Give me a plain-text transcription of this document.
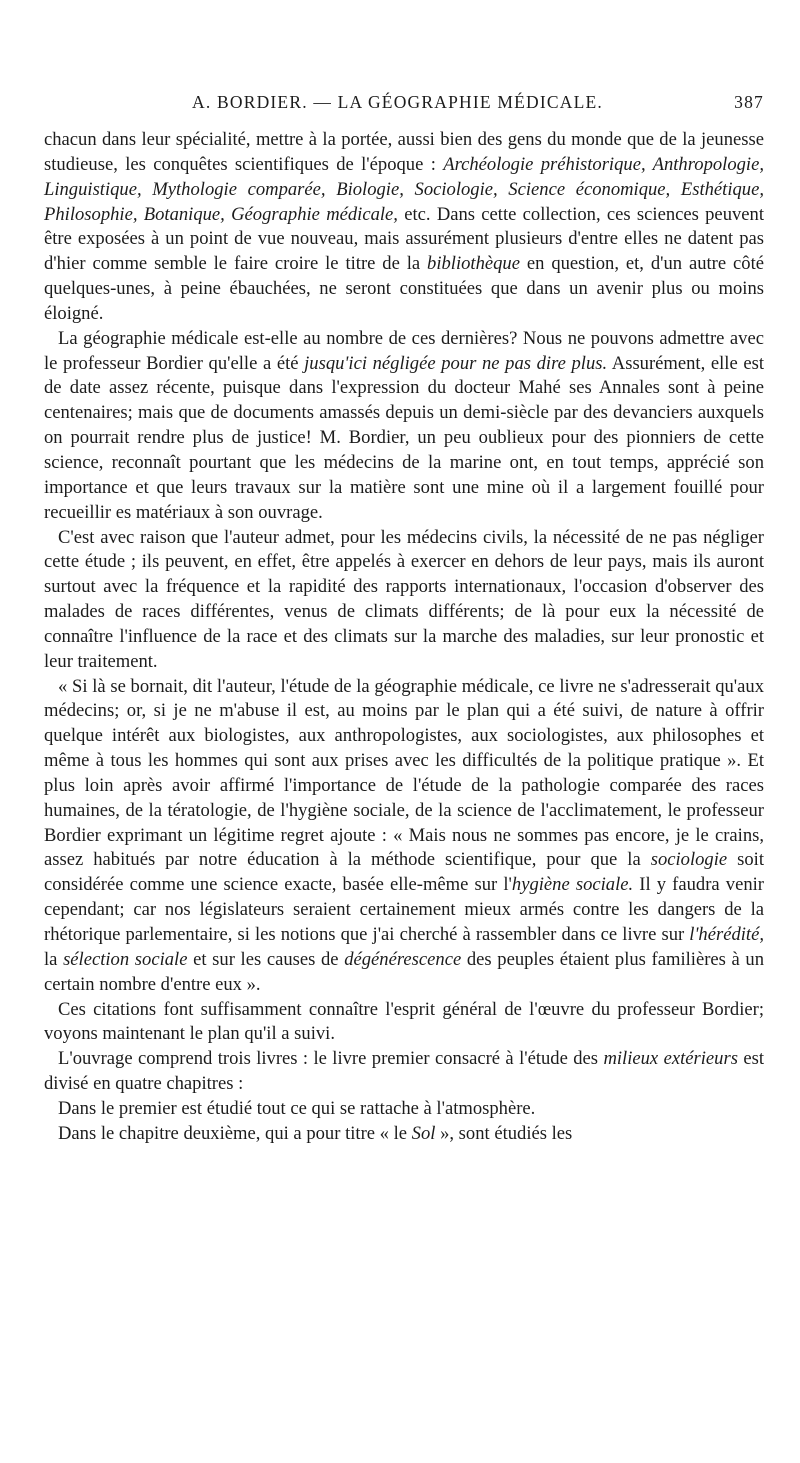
A. BORDIER. — LA GÉOGRAPHIE MÉDICALE.	387

chacun dans leur spécialité, mettre à la portée, aussi bien des gens du monde que de la jeunesse studieuse, les conquêtes scientifiques de l'époque : Archéologie préhistorique, Anthropologie, Linguistique, Mythologie comparée, Biologie, Sociologie, Science économique, Esthétique, Philosophie, Botanique, Géographie médicale, etc. Dans cette collection, ces sciences peuvent être exposées à un point de vue nouveau, mais assurément plusieurs d'entre elles ne datent pas d'hier comme semble le faire croire le titre de la bibliothèque en question, et, d'un autre côté quelques-unes, à peine ébauchées, ne seront constituées que dans un avenir plus ou moins éloigné.

La géographie médicale est-elle au nombre de ces dernières? Nous ne pouvons admettre avec le professeur Bordier qu'elle a été jusqu'ici négligée pour ne pas dire plus. Assurément, elle est de date assez récente, puisque dans l'expression du docteur Mahé ses Annales sont à peine centenaires; mais que de documents amassés depuis un demi-siècle par des devanciers auxquels on pourrait rendre plus de justice! M. Bordier, un peu oublieux pour des pionniers de cette science, reconnaît pourtant que les médecins de la marine ont, en tout temps, apprécié son importance et que leurs travaux sur la matière sont une mine où il a largement fouillé pour recueillir es matériaux à son ouvrage.

C'est avec raison que l'auteur admet, pour les médecins civils, la nécessité de ne pas négliger cette étude ; ils peuvent, en effet, être appelés à exercer en dehors de leur pays, mais ils auront surtout avec la fréquence et la rapidité des rapports internationaux, l'occasion d'observer des malades de races différentes, venus de climats différents; de là pour eux la nécessité de connaître l'influence de la race et des climats sur la marche des maladies, sur leur pronostic et leur traitement.

« Si là se bornait, dit l'auteur, l'étude de la géographie médicale, ce livre ne s'adresserait qu'aux médecins; or, si je ne m'abuse il est, au moins par le plan qui a été suivi, de nature à offrir quelque intérêt aux biologistes, aux anthropologistes, aux sociologistes, aux philosophes et même à tous les hommes qui sont aux prises avec les difficultés de la politique pratique ». Et plus loin après avoir affirmé l'importance de l'étude de la pathologie comparée des races humaines, de la tératologie, de l'hygiène sociale, de la science de l'acclimatement, le professeur Bordier exprimant un légitime regret ajoute : « Mais nous ne sommes pas encore, je le crains, assez habitués par notre éducation à la méthode scientifique, pour que la sociologie soit considérée comme une science exacte, basée elle-même sur l'hygiène sociale. Il y faudra venir cependant; car nos législateurs seraient certainement mieux armés contre les dangers de la rhétorique parlementaire, si les notions que j'ai cherché à rassembler dans ce livre sur l'hérédité, la sélection sociale et sur les causes de dégénérescence des peuples étaient plus familières à un certain nombre d'entre eux ».

Ces citations font suffisamment connaître l'esprit général de l'œuvre du professeur Bordier; voyons maintenant le plan qu'il a suivi.

L'ouvrage comprend trois livres : le livre premier consacré à l'étude des milieux extérieurs est divisé en quatre chapitres :

Dans le premier est étudié tout ce qui se rattache à l'atmosphère.

Dans le chapitre deuxième, qui a pour titre « le Sol », sont étudiés les
